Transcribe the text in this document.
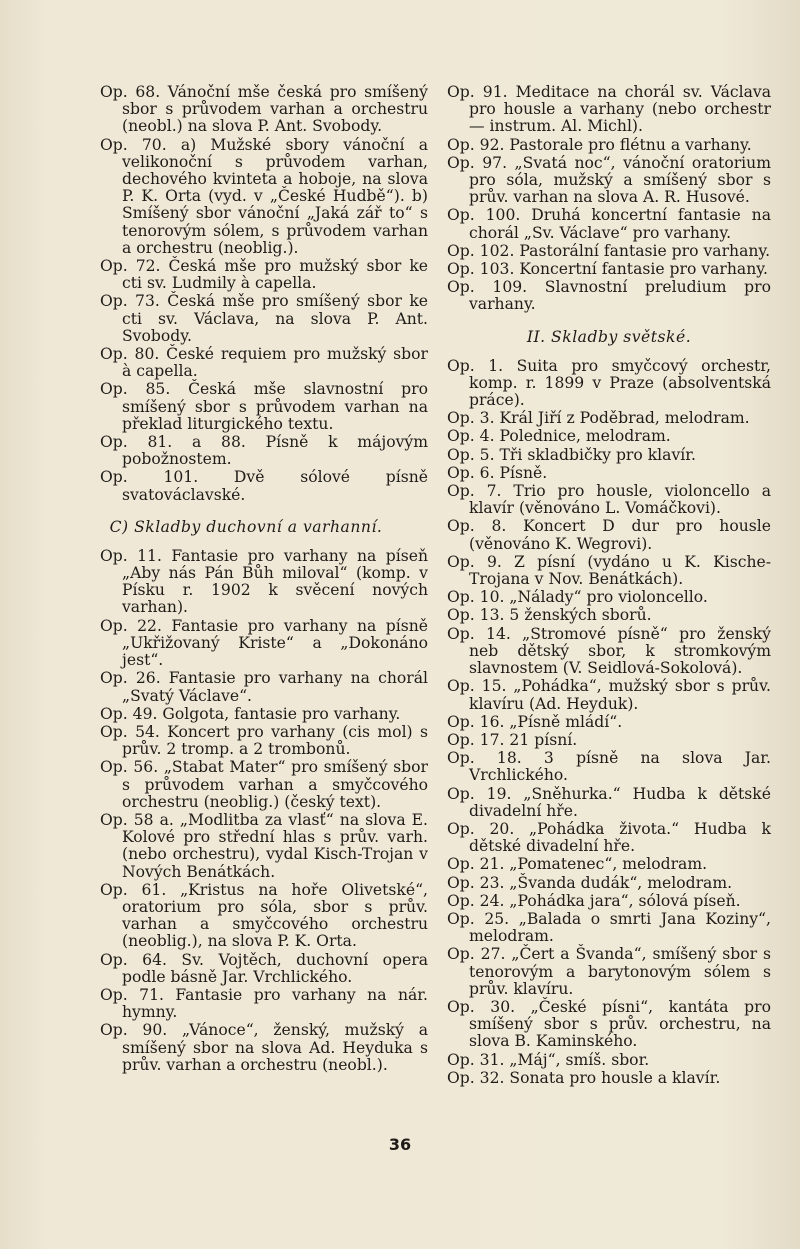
Op. 68. Vánoční mše česká pro smíšený sbor s průvodem varhan a orchestru (neobl.) na slova P. Ant. Svobody.

Op. 70. a) Mužské sbory vánoční a velikonoční s průvodem varhan, dechového kvinteta a hoboje, na slova P. K. Orta (vyd. v „České Hudbě“). b) Smíšený sbor vánoční „Jaká zář to“ s tenorovým sólem, s průvodem varhan a orchestru (neoblig.).

Op. 72. Česká mše pro mužský sbor ke cti sv. Ludmily à capella.

Op. 73. Česká mše pro smíšený sbor ke cti sv. Václava, na slova P. Ant. Svobody.

Op. 80. České requiem pro mužský sbor à capella.

Op. 85. Česká mše slavnostní pro smíšený sbor s průvodem varhan na překlad liturgického textu.

Op. 81. a 88. Písně k májovým pobožnostem.

Op. 101. Dvě sólové písně svatováclavské.

C) Skladby duchovní a varhanní.

Op. 11. Fantasie pro varhany na píseň „Aby nás Pán Bůh miloval“ (komp. v Písku r. 1902 k svěcení nových varhan).

Op. 22. Fantasie pro varhany na písně „Ukřižovaný Kriste“ a „Dokonáno jest“.

Op. 26. Fantasie pro varhany na chorál „Svatý Václave“.

Op. 49. Golgota, fantasie pro varhany.

Op. 54. Koncert pro varhany (cis mol) s prův. 2 tromp. a 2 trombonů.

Op. 56. „Stabat Mater“ pro smíšený sbor s průvodem varhan a smyčcového orchestru (neoblig.) (český text).

Op. 58 a. „Modlitba za vlasť“ na slova E. Kolové pro střední hlas s prův. varh. (nebo orchestru), vydal Kisch-Trojan v Nových Benátkách.

Op. 61. „Kristus na hoře Olivetské“, oratorium pro sóla, sbor s prův. varhan a smyčcového orchestru (neoblig.), na slova P. K. Orta.

Op. 64. Sv. Vojtěch, duchovní opera podle básně Jar. Vrchlického.

Op. 71. Fantasie pro varhany na nár. hymny.

Op. 90. „Vánoce“, ženský, mužský a smíšený sbor na slova Ad. Heyduka s prův. varhan a orchestru (neobl.).

Op. 91. Meditace na chorál sv. Václava pro housle a varhany (nebo orchestr — instrum. Al. Michl).

Op. 92. Pastorale pro flétnu a varhany.

Op. 97. „Svatá noc“, vánoční oratorium pro sóla, mužský a smíšený sbor s prův. varhan na slova A. R. Husové.

Op. 100. Druhá koncertní fantasie na chorál „Sv. Václave“ pro varhany.

Op. 102. Pastorální fantasie pro varhany.

Op. 103. Koncertní fantasie pro varhany.

Op. 109. Slavnostní preludium pro varhany.

II. Skladby světské.

Op. 1. Suita pro smyčcový orchestr, komp. r. 1899 v Praze (absolventská práce).

Op. 3. Král Jiří z Poděbrad, melodram.

Op. 4. Polednice, melodram.

Op. 5. Tři skladbičky pro klavír.

Op. 6. Písně.

Op. 7. Trio pro housle, violoncello a klavír (věnováno L. Vomáčkovi).

Op. 8. Koncert D dur pro housle (věnováno K. Wegrovi).

Op. 9. Z písní (vydáno u K. Kische-Trojana v Nov. Benátkách).

Op. 10. „Nálady“ pro violoncello.

Op. 13. 5 ženských sborů.

Op. 14. „Stromové písně“ pro ženský neb dětský sbor, k stromkovým slavnostem (V. Seidlová-Sokolová).

Op. 15. „Pohádka“, mužský sbor s prův. klavíru (Ad. Heyduk).

Op. 16. „Písně mládí“.

Op. 17. 21 písní.

Op. 18. 3 písně na slova Jar. Vrchlického.

Op. 19. „Sněhurka.“ Hudba k dětské divadelní hře.

Op. 20. „Pohádka života.“ Hudba k dětské divadelní hře.

Op. 21. „Pomatenec“, melodram.

Op. 23. „Švanda dudák“, melodram.

Op. 24. „Pohádka jara“, sólová píseň.

Op. 25. „Balada o smrti Jana Koziny“, melodram.

Op. 27. „Čert a Švanda“, smíšený sbor s tenorovým a barytonovým sólem s prův. klavíru.

Op. 30. „České písni“, kantáta pro smíšený sbor s prův. orchestru, na slova B. Kaminského.

Op. 31. „Máj“, smíš. sbor.

Op. 32. Sonata pro housle a klavír.

36
